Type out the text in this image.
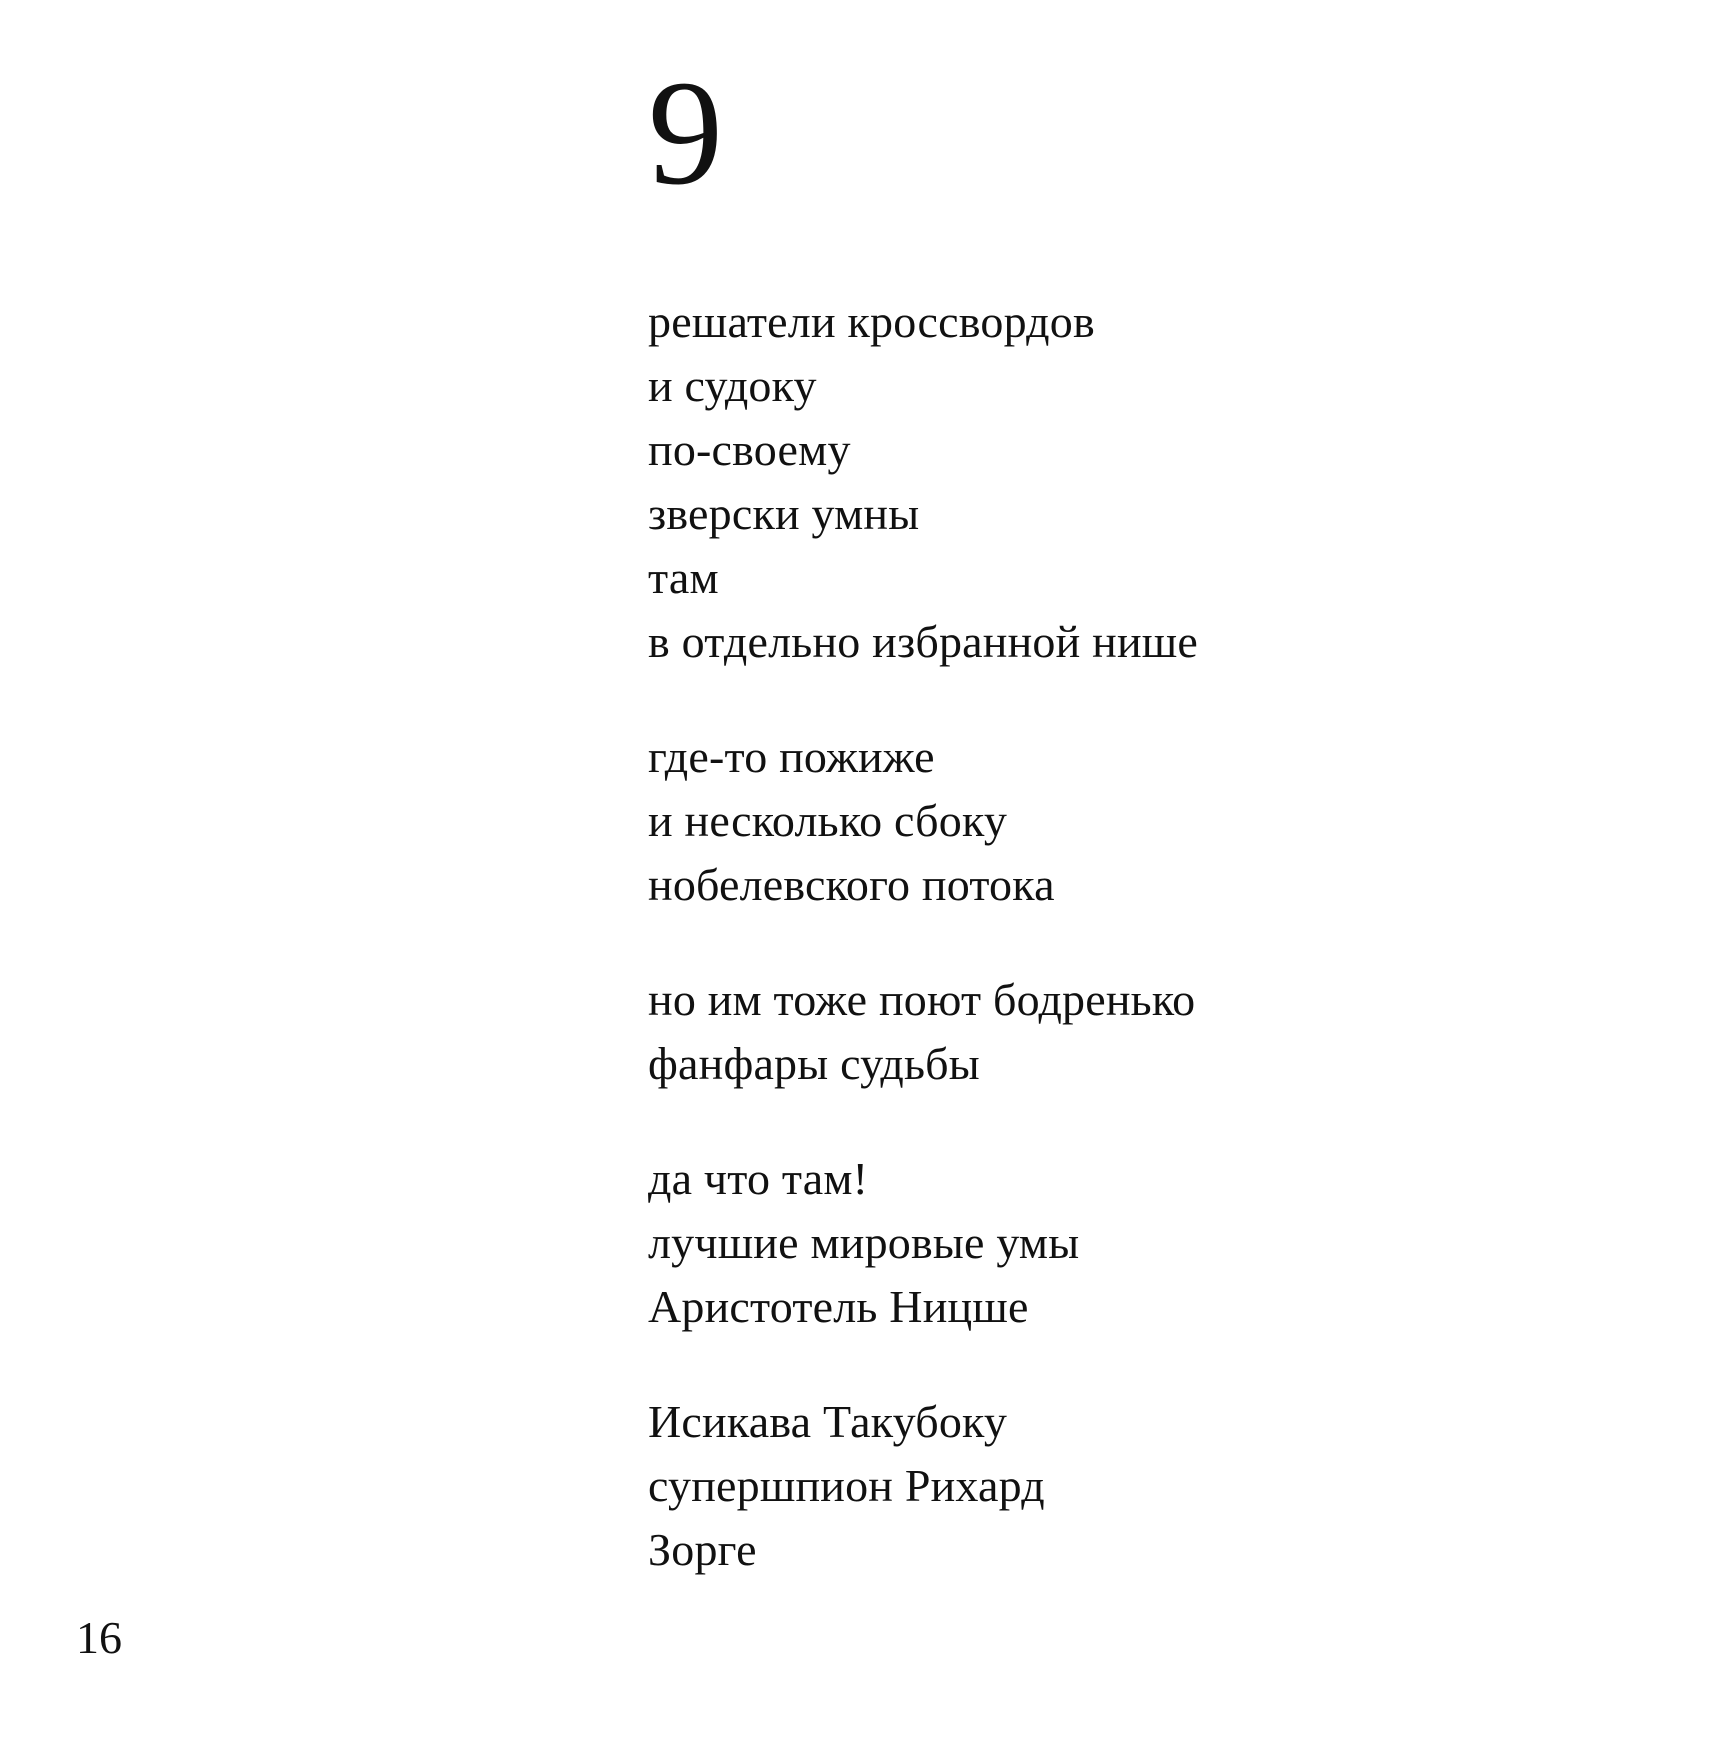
9
решатели кроссвордов
и судоку
по-своему
зверски умны
там
в отдельно избранной нише
где-то пожиже
и несколько сбоку
нобелевского потока
но им тоже поют бодренько
фанфары судьбы
да что там!
лучшие мировые умы
Аристотель Ницше
Исикава Такубоку
супершпион Рихард
Зорге
16
